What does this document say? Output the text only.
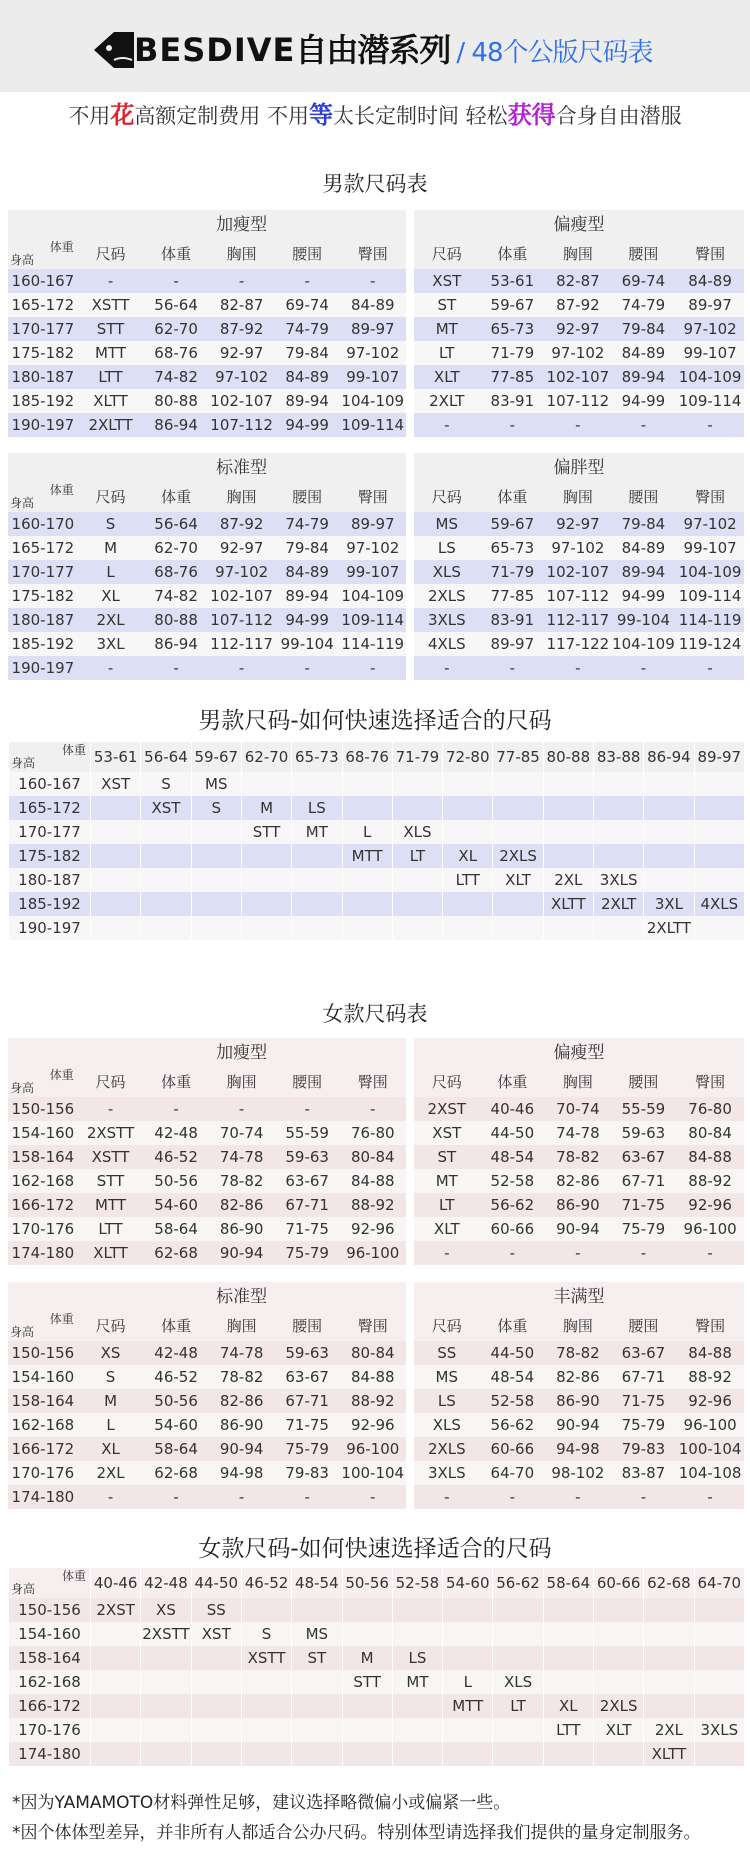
BESDIVE自由潜系列 / 48个公版尺码表
不用花高额定制费用 不用等太长定制时间 轻松获得合身自由潜服
男款尺码表
	加瘦型						偏瘦型				

体重
身高	尺码	体重	胸围	腰围	臀围		尺码	体重	胸围	腰围	臀围
160-167	-	-	-	-	-		XST	53-61	82-87	69-74	84-89
165-172	XSTT	56-64	82-87	69-74	84-89		ST	59-67	87-92	74-79	89-97
170-177	STT	62-70	87-92	74-79	89-97		MT	65-73	92-97	79-84	97-102
175-182	MTT	68-76	92-97	79-84	97-102		LT	71-79	97-102	84-89	99-107
180-187	LTT	74-82	97-102	84-89	99-107		XLT	77-85	102-107	89-94	104-109
185-192	XLTT	80-88	102-107	89-94	104-109		2XLT	83-91	107-112	94-99	109-114
190-197	2XLTT	86-94	107-112	94-99	109-114		-	-	-	-	-
	标准型						偏胖型				

体重
身高	尺码	体重	胸围	腰围	臀围		尺码	体重	胸围	腰围	臀围
160-170	S	56-64	87-92	74-79	89-97		MS	59-67	92-97	79-84	97-102
165-172	M	62-70	92-97	79-84	97-102		LS	65-73	97-102	84-89	99-107
170-177	L	68-76	97-102	84-89	99-107		XLS	71-79	102-107	89-94	104-109
175-182	XL	74-82	102-107	89-94	104-109		2XLS	77-85	107-112	94-99	109-114
180-187	2XL	80-88	107-112	94-99	109-114		3XLS	83-91	112-117	99-104	114-119
185-192	3XL	86-94	112-117	99-104	114-119		4XLS	89-97	117-122	104-109	119-124
190-197	-	-	-	-	-		-	-	-	-	-
男款尺码-如何快速选择适合的尺码
体重
身高	53-61	56-64	59-67	62-70	65-73	68-76	71-79	72-80	77-85	80-88	83-88	86-94	89-97
160-167	XST	S	MS										
165-172		XST	S	M	LS								
170-177				STT	MT	L	XLS						
175-182						MTT	LT	XL	2XLS				
180-187								LTT	XLT	2XL	3XLS		
185-192										XLTT	2XLT	3XL	4XLS
190-197												2XLTT	
女款尺码表
	加瘦型						偏瘦型				

体重
身高	尺码	体重	胸围	腰围	臀围		尺码	体重	胸围	腰围	臀围
150-156	-	-	-	-	-		2XST	40-46	70-74	55-59	76-80
154-160	2XSTT	42-48	70-74	55-59	76-80		XST	44-50	74-78	59-63	80-84
158-164	XSTT	46-52	74-78	59-63	80-84		ST	48-54	78-82	63-67	84-88
162-168	STT	50-56	78-82	63-67	84-88		MT	52-58	82-86	67-71	88-92
166-172	MTT	54-60	82-86	67-71	88-92		LT	56-62	86-90	71-75	92-96
170-176	LTT	58-64	86-90	71-75	92-96		XLT	60-66	90-94	75-79	96-100
174-180	XLTT	62-68	90-94	75-79	96-100		-	-	-	-	-
	标准型						丰满型				

体重
身高	尺码	体重	胸围	腰围	臀围		尺码	体重	胸围	腰围	臀围
150-156	XS	42-48	74-78	59-63	80-84		SS	44-50	78-82	63-67	84-88
154-160	S	46-52	78-82	63-67	84-88		MS	48-54	82-86	67-71	88-92
158-164	M	50-56	82-86	67-71	88-92		LS	52-58	86-90	71-75	92-96
162-168	L	54-60	86-90	71-75	92-96		XLS	56-62	90-94	75-79	96-100
166-172	XL	58-64	90-94	75-79	96-100		2XLS	60-66	94-98	79-83	100-104
170-176	2XL	62-68	94-98	79-83	100-104		3XLS	64-70	98-102	83-87	104-108
174-180	-	-	-	-	-		-	-	-	-	-
女款尺码-如何快速选择适合的尺码
体重
身高	40-46	42-48	44-50	46-52	48-54	50-56	52-58	54-60	56-62	58-64	60-66	62-68	64-70
150-156	2XST	XS	SS										
154-160		2XSTT	XST	S	MS								
158-164				XSTT	ST	M	LS						
162-168						STT	MT	L	XLS				
166-172								MTT	LT	XL	2XLS		
170-176										LTT	XLT	2XL	3XLS
174-180												XLTT	
*因为YAMAMOTO材料弹性足够，建议选择略微偏小或偏紧一些。
*因个体体型差异，并非所有人都适合公办尺码。特别体型请选择我们提供的量身定制服务。
